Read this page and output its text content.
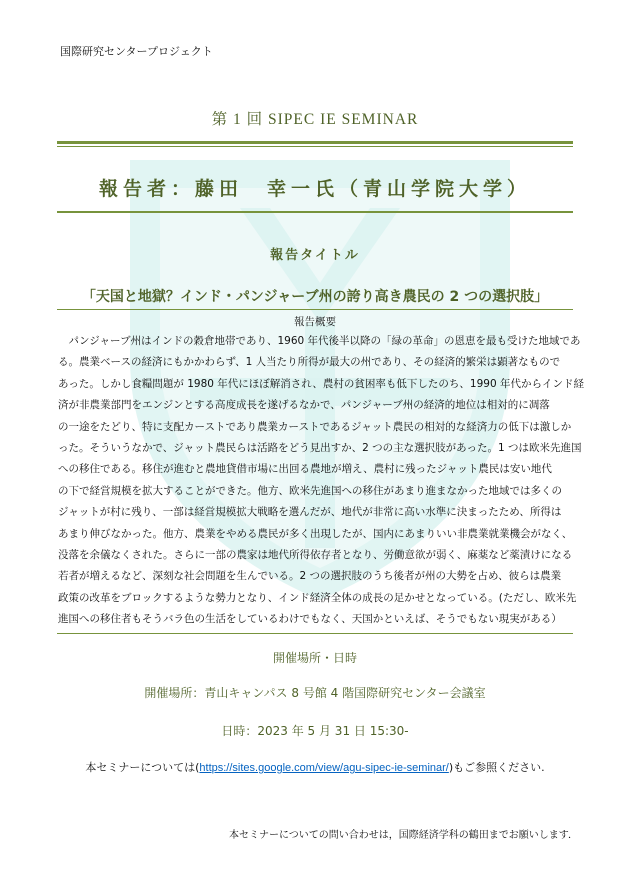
国際研究センタープロジェクト
第 1 回 SIPEC IE SEMINAR
報告者：藤田　幸一氏（青山学院大学）
報告タイトル
「天国と地獄？インド・パンジャーブ州の誇り高き農民の 2 つの選択肢」
報告概要
　パンジャーブ州はインドの穀倉地帯であり、1960 年代後半以降の「緑の革命」の恩恵を最も受けた地域であ
る。農業ベースの経済にもかかわらず、1 人当たり所得が最大の州であり、その経済的繁栄は顕著なもので
あった。しかし食糧問題が 1980 年代にほぼ解消され、農村の貧困率も低下したのち、1990 年代からインド経
済が非農業部門をエンジンとする高度成長を遂げるなかで、パンジャーブ州の経済的地位は相対的に凋落
の一途をたどり、特に支配カーストであり農業カーストであるジャット農民の相対的な経済力の低下は激しか
った。そういうなかで、ジャット農民らは活路をどう見出すか、2 つの主な選択肢があった。1 つは欧米先進国
への移住である。移住が進むと農地貸借市場に出回る農地が増え、農村に残ったジャット農民は安い地代
の下で経営規模を拡大することができた。他方、欧米先進国への移住があまり進まなかった地域では多くの
ジャットが村に残り、一部は経営規模拡大戦略を選んだが、地代が非常に高い水準に決まったため、所得は
あまり伸びなかった。他方、農業をやめる農民が多く出現したが、国内にあまりいい非農業就業機会がなく、
没落を余儀なくされた。さらに一部の農家は地代所得依存者となり、労働意欲が弱く、麻薬など薬漬けになる
若者が増えるなど、深刻な社会問題を生んでいる。2 つの選択肢のうち後者が州の大勢を占め、彼らは農業
政策の改革をブロックするような勢力となり、インド経済全体の成長の足かせとなっている。(ただし、欧米先
進国への移住者もそうバラ色の生活をしているわけでもなく、天国かといえば、そうでもない現実がある）
開催場所・日時
開催場所：青山キャンパス 8 号館 4 階国際研究センター会議室
日時：2023 年 5 月 31 日 15:30-
本セミナーについては(https://sites.google.com/view/agu-sipec-ie-seminar/)もご参照ください.
本セミナーについての問い合わせは，国際経済学科の鶴田までお願いします．
